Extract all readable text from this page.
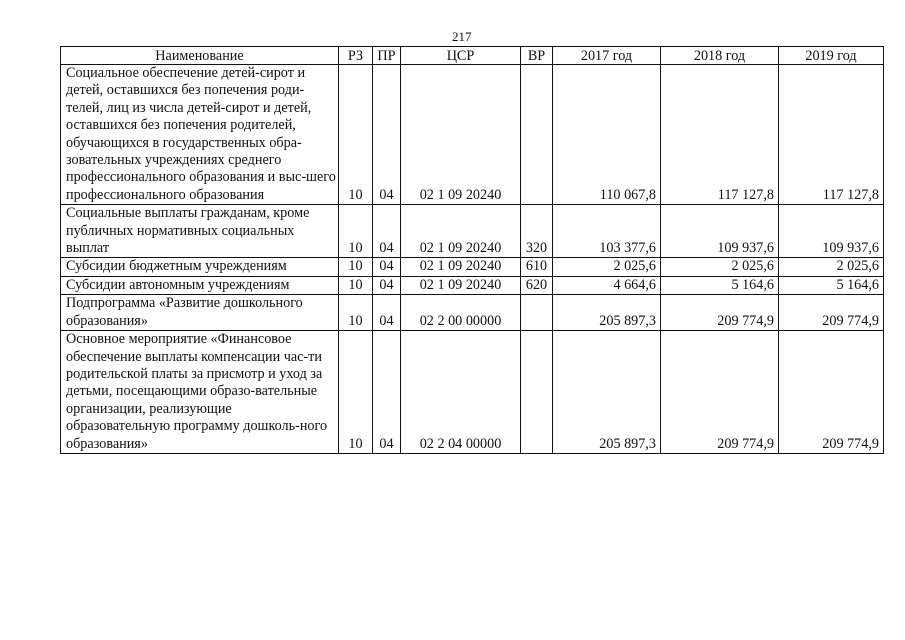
217
Наименование	РЗ	ПР	ЦСР	ВР	2017 год	2018 год	2019 год
Социальное обеспечение детей-сирот и детей, оставшихся без попечения роди-телей, лиц из числа детей-сирот и детей, оставшихся без попечения родителей, обучающихся в государственных обра-зовательных учреждениях среднего профессионального образования и выс-шего профессионального образования	10	04	02 1 09 20240		110 067,8	117 127,8	117 127,8
Социальные выплаты гражданам, кроме публичных нормативных социальных выплат	10	04	02 1 09 20240	320	103 377,6	109 937,6	109 937,6
Субсидии бюджетным учреждениям	10	04	02 1 09 20240	610	2 025,6	2 025,6	2 025,6
Субсидии автономным учреждениям	10	04	02 1 09 20240	620	4 664,6	5 164,6	5 164,6
Подпрограмма «Развитие дошкольного образования»	10	04	02 2 00 00000		205 897,3	209 774,9	209 774,9
Основное мероприятие «Финансовое обеспечение выплаты компенсации час-ти родительской платы за присмотр и уход за детьми, посещающими образо-вательные организации, реализующие образовательную программу дошколь-ного образования»	10	04	02 2 04 00000		205 897,3	209 774,9	209 774,9
